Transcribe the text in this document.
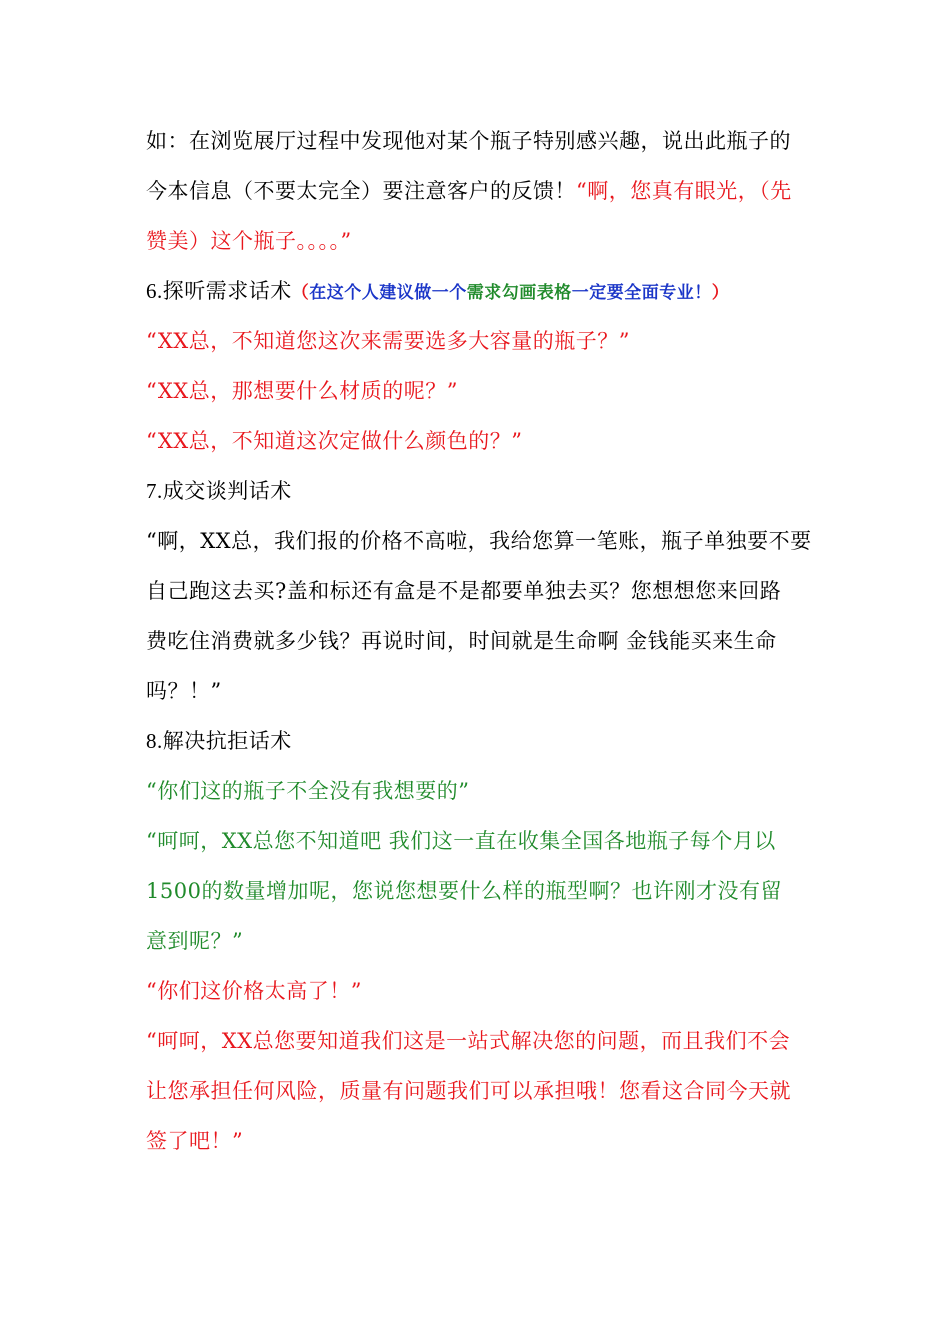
如：在浏览展厅过程中发现他对某个瓶子特别感兴趣，说出此瓶子的
今本信息（不要太完全）要注意客户的反馈！“啊，您真有眼光，（先
赞美）这个瓶子。。。。”
6.探听需求话术（在这个人建议做一个需求勾画表格一定要全面专业！）
“XX总，不知道您这次来需要选多大容量的瓶子？”
“XX总，那想要什么材质的呢？”
“XX总，不知道这次定做什么颜色的？”
7.成交谈判话术
“啊，XX总，我们报的价格不高啦，我给您算一笔账，瓶子单独要不要
自己跑这去买?盖和标还有盒是不是都要单独去买？您想想您来回路
费吃住消费就多少钱？再说时间，时间就是生命啊 金钱能买来生命
吗？！”
8.解决抗拒话术
“你们这的瓶子不全没有我想要的”
“呵呵，XX总您不知道吧 我们这一直在收集全国各地瓶子每个月以
1500的数量增加呢，您说您想要什么样的瓶型啊？也许刚才没有留
意到呢？”
“你们这价格太高了！”
“呵呵，XX总您要知道我们这是一站式解决您的问题，而且我们不会
让您承担任何风险，质量有问题我们可以承担哦！您看这合同今天就
签了吧！”
